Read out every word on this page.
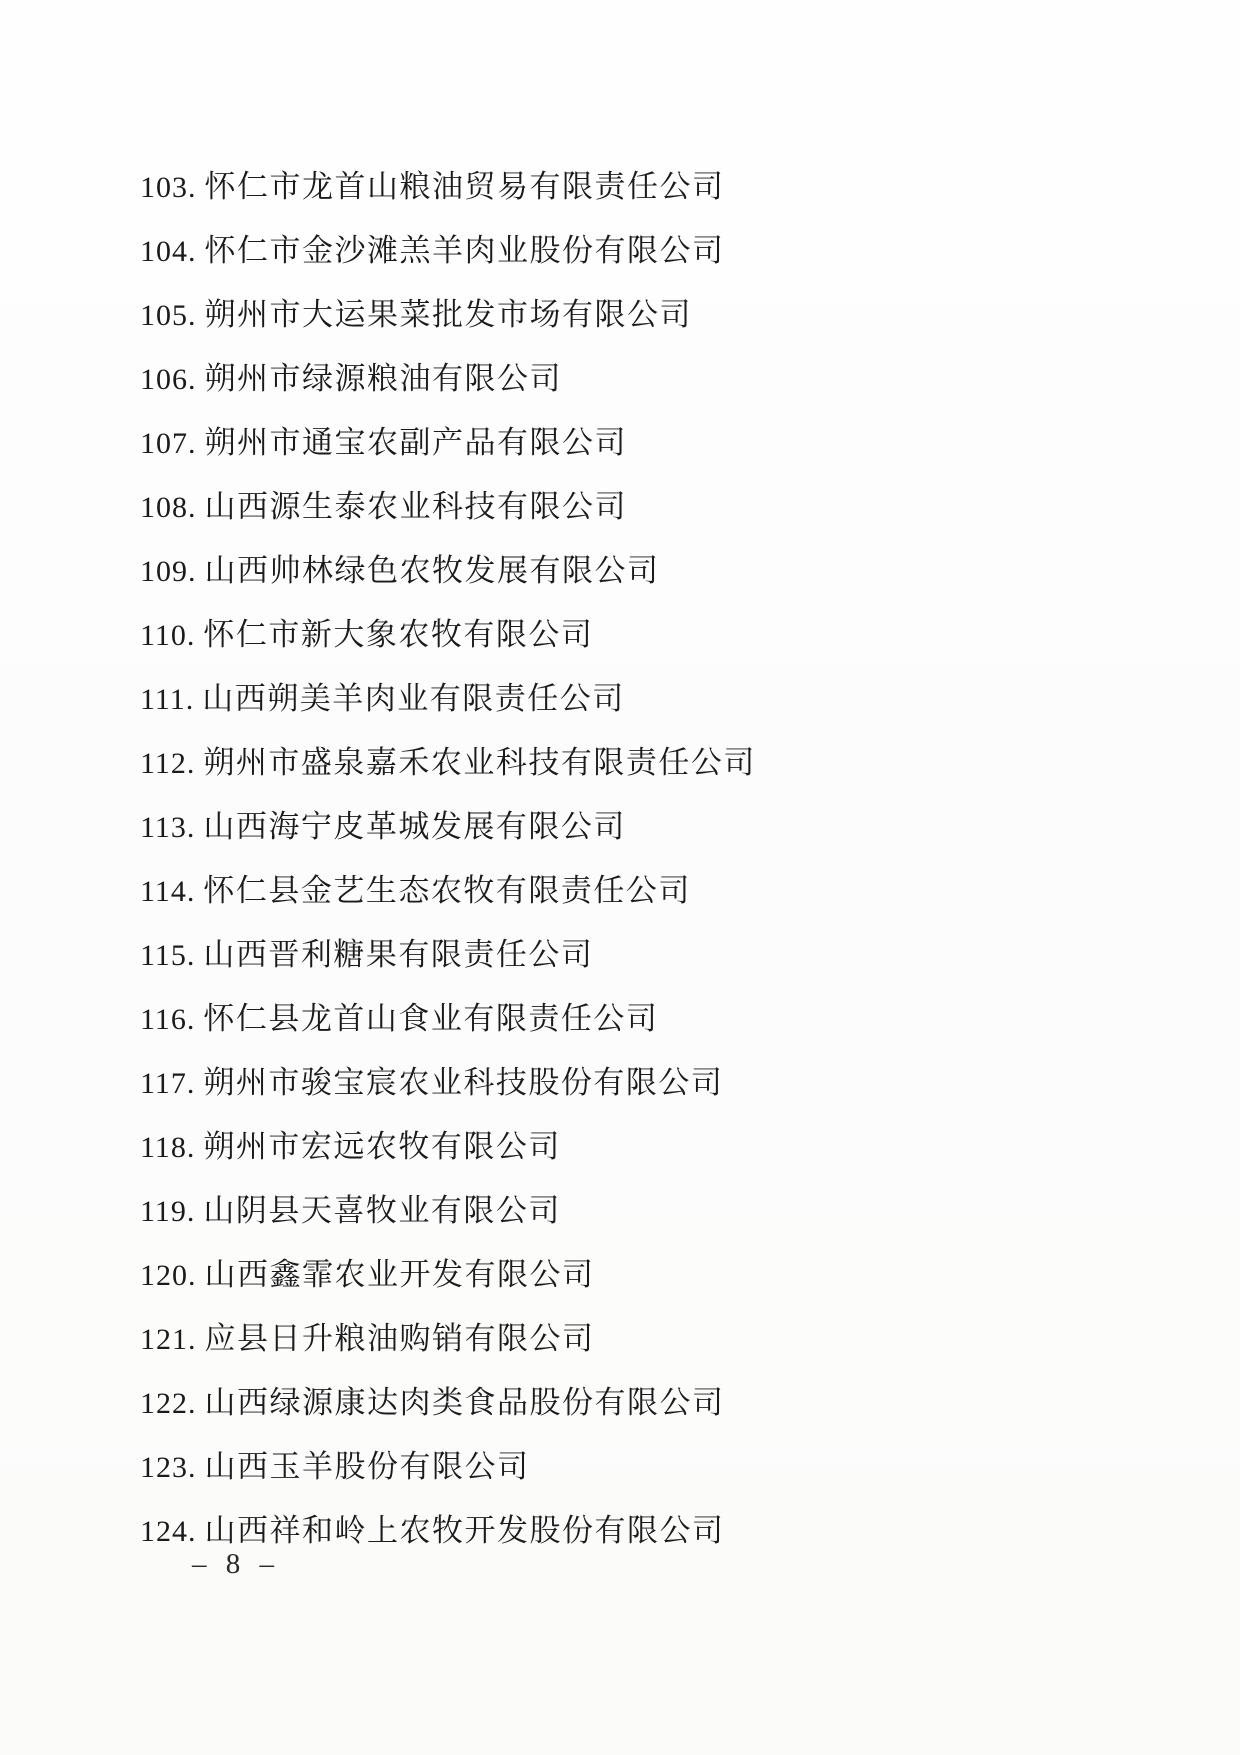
103. 怀仁市龙首山粮油贸易有限责任公司
104. 怀仁市金沙滩羔羊肉业股份有限公司
105. 朔州市大运果菜批发市场有限公司
106. 朔州市绿源粮油有限公司
107. 朔州市通宝农副产品有限公司
108. 山西源生泰农业科技有限公司
109. 山西帅林绿色农牧发展有限公司
110. 怀仁市新大象农牧有限公司
111. 山西朔美羊肉业有限责任公司
112. 朔州市盛泉嘉禾农业科技有限责任公司
113. 山西海宁皮革城发展有限公司
114. 怀仁县金艺生态农牧有限责任公司
115. 山西晋利糖果有限责任公司
116. 怀仁县龙首山食业有限责任公司
117. 朔州市骏宝宸农业科技股份有限公司
118. 朔州市宏远农牧有限公司
119. 山阴县天喜牧业有限公司
120. 山西鑫霏农业开发有限公司
121. 应县日升粮油购销有限公司
122. 山西绿源康达肉类食品股份有限公司
123. 山西玉羊股份有限公司
124. 山西祥和岭上农牧开发股份有限公司
– 8 –
